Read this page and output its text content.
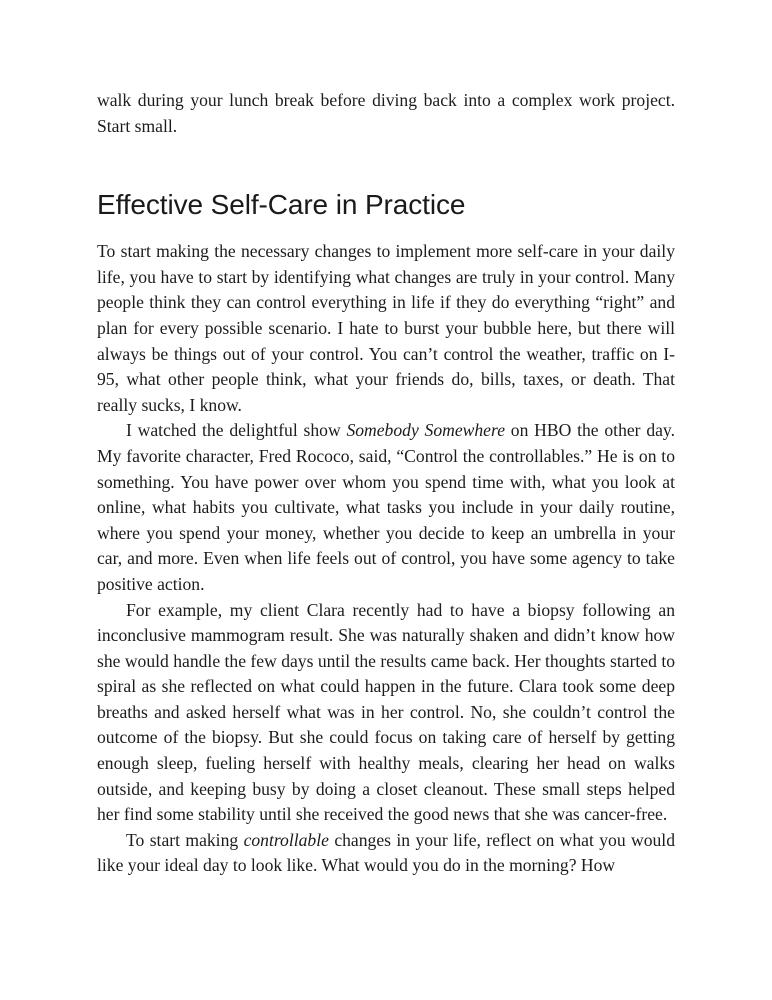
walk during your lunch break before diving back into a complex work project. Start small.

Effective Self-Care in Practice

To start making the necessary changes to implement more self-care in your daily life, you have to start by identifying what changes are truly in your control. Many people think they can control everything in life if they do everything “right” and plan for every possible scenario. I hate to burst your bubble here, but there will always be things out of your control. You can’t control the weather, traffic on I-95, what other people think, what your friends do, bills, taxes, or death. That really sucks, I know.

I watched the delightful show Somebody Somewhere on HBO the other day. My favorite character, Fred Rococo, said, “Control the controllables.” He is on to something. You have power over whom you spend time with, what you look at online, what habits you cultivate, what tasks you include in your daily routine, where you spend your money, whether you decide to keep an umbrella in your car, and more. Even when life feels out of control, you have some agency to take positive action.

For example, my client Clara recently had to have a biopsy following an inconclusive mammogram result. She was naturally shaken and didn’t know how she would handle the few days until the results came back. Her thoughts started to spiral as she reflected on what could happen in the future. Clara took some deep breaths and asked herself what was in her control. No, she couldn’t control the outcome of the biopsy. But she could focus on taking care of herself by getting enough sleep, fueling herself with healthy meals, clearing her head on walks outside, and keeping busy by doing a closet cleanout. These small steps helped her find some stability until she received the good news that she was cancer-free.

To start making controllable changes in your life, reflect on what you would like your ideal day to look like. What would you do in the morning? How
